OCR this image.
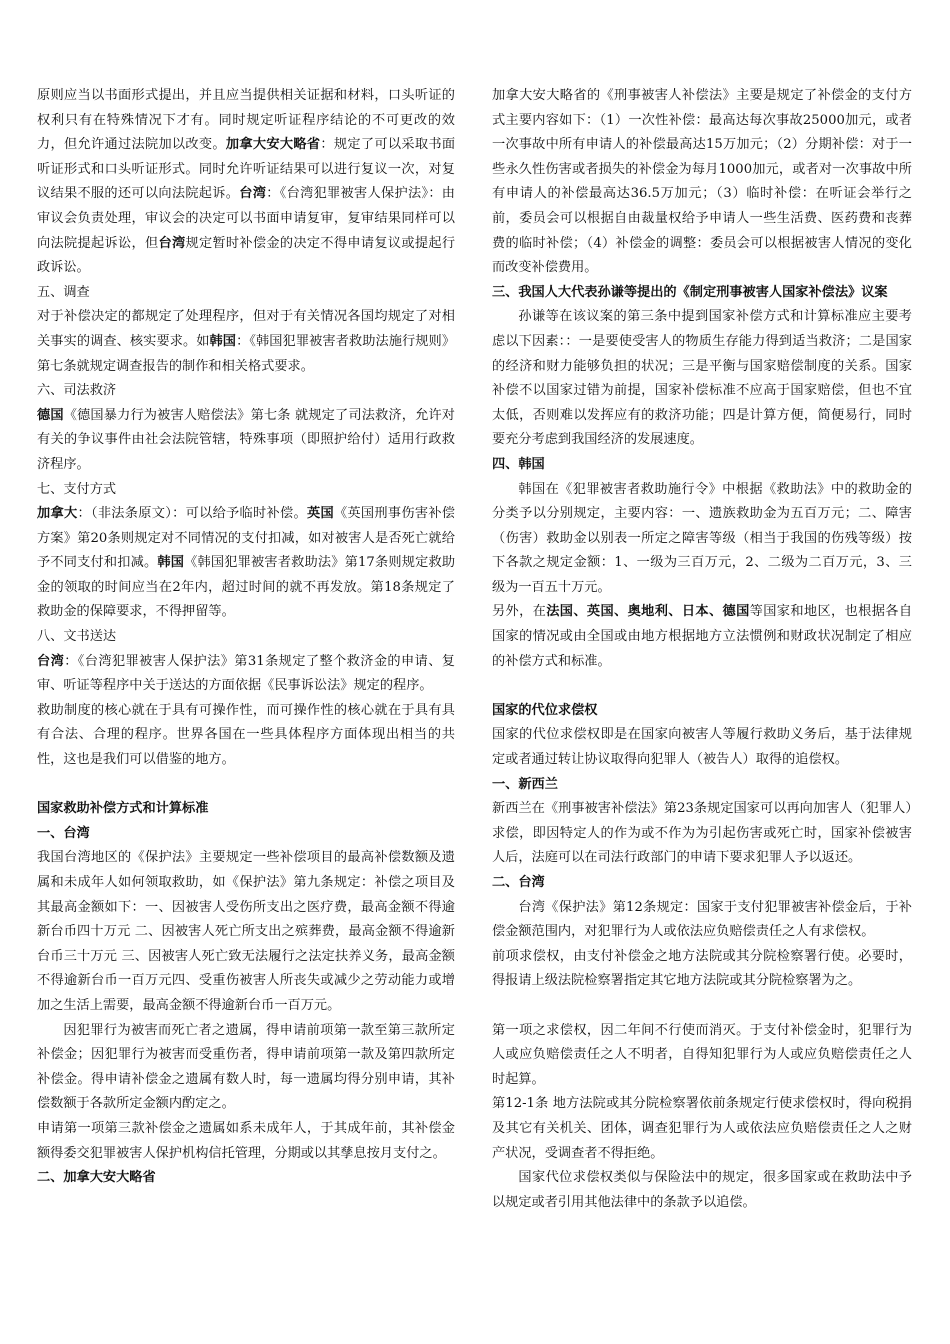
原则应当以书面形式提出，并且应当提供相关证据和材料，口头听证的权利只有在特殊情况下才有。同时规定听证程序结论的不可更改的效力，但允许通过法院加以改变。加拿大安大略省：规定了可以采取书面听证形式和口头听证形式。同时允许听证结果可以进行复议一次，对复议结果不服的还可以向法院起诉。台湾：《台湾犯罪被害人保护法》：由审议会负责处理，审议会的决定可以书面申请复审，复审结果同样可以向法院提起诉讼，但台湾规定暂时补偿金的决定不得申请复议或提起行政诉讼。

五、调查

对于补偿决定的都规定了处理程序，但对于有关情况各国均规定了对相关事实的调查、核实要求。如韩国：《韩国犯罪被害者救助法施行规则》第七条就规定调查报告的制作和相关格式要求。

六、司法救济

德国《德国暴力行为被害人赔偿法》第七条 就规定了司法救济，允许对有关的争议事件由社会法院管辖，特殊事项（即照护给付）适用行政救济程序。

七、支付方式

加拿大：（非法条原文）：可以给予临时补偿。英国《英国刑事伤害补偿方案》第20条则规定对不同情况的支付扣减，如对被害人是否死亡就给予不同支付和扣减。韩国《韩国犯罪被害者救助法》第17条则规定救助金的领取的时间应当在2年内，超过时间的就不再发放。第18条规定了救助金的保障要求，不得押留等。

八、文书送达

台湾：《台湾犯罪被害人保护法》第31条规定了整个救济金的申请、复审、听证等程序中关于送达的方面依据《民事诉讼法》规定的程序。

救助制度的核心就在于具有可操作性，而可操作性的核心就在于具有具有合法、合理的程序。世界各国在一些具体程序方面体现出相当的共性，这也是我们可以借鉴的地方。

国家救助补偿方式和计算标准

一、台湾

我国台湾地区的《保护法》主要规定一些补偿项目的最高补偿数额及遗属和未成年人如何领取救助，如《保护法》第九条规定：补偿之项目及其最高金额如下：一、因被害人受伤所支出之医疗费，最高金额不得逾新台币四十万元 二、因被害人死亡所支出之殡葬费，最高金额不得逾新台币三十万元 三、因被害人死亡致无法履行之法定扶养义务，最高金额不得逾新台币一百万元四、受重伤被害人所丧失或减少之劳动能力或增加之生活上需要，最高金额不得逾新台币一百万元。

因犯罪行为被害而死亡者之遗属，得申请前项第一款至第三款所定补偿金；因犯罪行为被害而受重伤者，得申请前项第一款及第四款所定补偿金。得申请补偿金之遗属有数人时，每一遗属均得分别申请，其补偿数额于各款所定金额内酌定之。

申请第一项第三款补偿金之遗属如系未成年人，于其成年前，其补偿金额得委交犯罪被害人保护机构信托管理，分期或以其孳息按月支付之。

二、加拿大安大略省

加拿大安大略省的《刑事被害人补偿法》主要是规定了补偿金的支付方式主要内容如下：（1）一次性补偿：最高达每次事故25000加元，或者一次事故中所有申请人的补偿最高达15万加元；（2）分期补偿：对于一些永久性伤害或者损失的补偿金为每月1000加元，或者对一次事故中所有申请人的补偿最高达36.5万加元；（3）临时补偿：在听证会举行之前，委员会可以根据自由裁量权给予申请人一些生活费、医药费和丧葬费的临时补偿；（4）补偿金的调整：委员会可以根据被害人情况的变化而改变补偿费用。

三、我国人大代表孙谦等提出的《制定刑事被害人国家补偿法》议案

孙谦等在该议案的第三条中提到国家补偿方式和计算标准应主要考虑以下因素：：一是要使受害人的物质生存能力得到适当救济；二是国家的经济和财力能够负担的状况；三是平衡与国家赔偿制度的关系。国家补偿不以国家过错为前提，国家补偿标准不应高于国家赔偿，但也不宜太低，否则难以发挥应有的救济功能；四是计算方便，简便易行，同时要充分考虑到我国经济的发展速度。

四、韩国

韩国在《犯罪被害者救助施行令》中根据《救助法》中的救助金的分类予以分别规定，主要内容：一、遗族救助金为五百万元；二、障害（伤害）救助金以别表一所定之障害等级（相当于我国的伤残等级）按下各款之规定金额：1、一级为三百万元，2、二级为二百万元，3、三级为一百五十万元。

另外，在法国、英国、奥地利、日本、德国等国家和地区，也根据各自国家的情况或由全国或由地方根据地方立法惯例和财政状况制定了相应的补偿方式和标准。

国家的代位求偿权

国家的代位求偿权即是在国家向被害人等履行救助义务后，基于法律规定或者通过转让协议取得向犯罪人（被告人）取得的追偿权。

一、新西兰

新西兰在《刑事被害补偿法》第23条规定国家可以再向加害人（犯罪人）求偿，即因特定人的作为或不作为为引起伤害或死亡时，国家补偿被害人后，法庭可以在司法行政部门的申请下要求犯罪人予以返还。

二、台湾

台湾《保护法》第12条规定：国家于支付犯罪被害补偿金后，于补偿金额范围内，对犯罪行为人或依法应负赔偿责任之人有求偿权。

前项求偿权，由支付补偿金之地方法院或其分院检察署行使。必要时，得报请上级法院检察署指定其它地方法院或其分院检察署为之。

第一项之求偿权，因二年间不行使而消灭。于支付补偿金时，犯罪行为人或应负赔偿责任之人不明者，自得知犯罪行为人或应负赔偿责任之人时起算。

第12-1条 地方法院或其分院检察署依前条规定行使求偿权时，得向税捐及其它有关机关、团体，调查犯罪行为人或依法应负赔偿责任之人之财产状况，受调查者不得拒绝。

国家代位求偿权类似与保险法中的规定，很多国家或在救助法中予以规定或者引用其他法律中的条款予以追偿。
